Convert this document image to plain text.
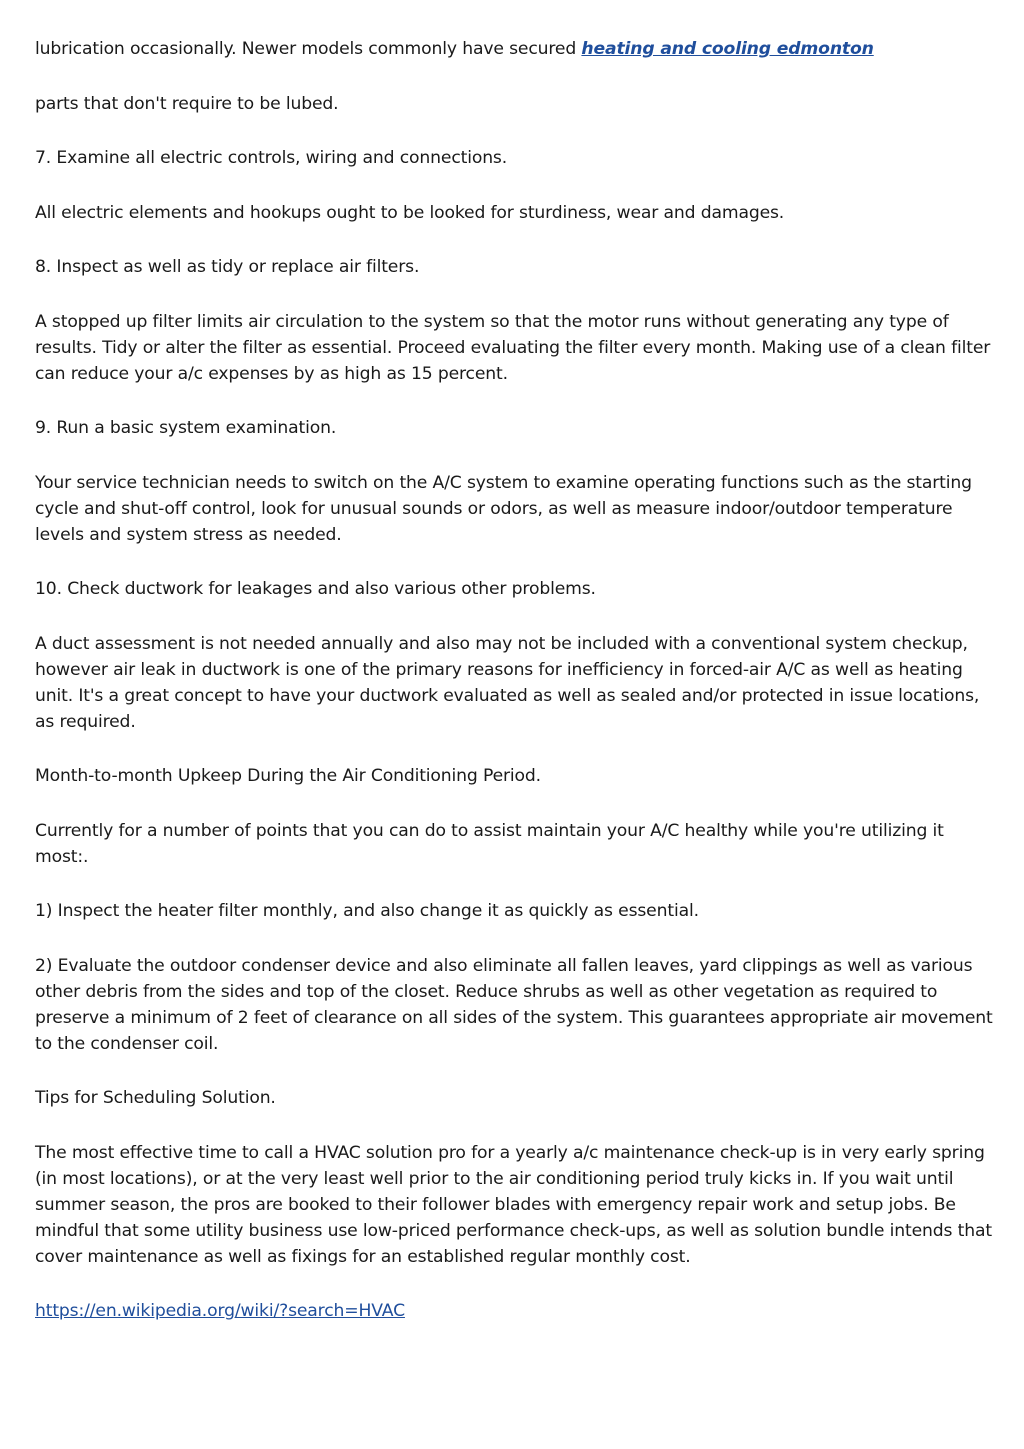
lubrication occasionally. Newer models commonly have secured heating and cooling edmonton

parts that don't require to be lubed.

7. Examine all electric controls, wiring and connections.

All electric elements and hookups ought to be looked for sturdiness, wear and damages.

8. Inspect as well as tidy or replace air filters.

A stopped up filter limits air circulation to the system so that the motor runs without generating any type of results. Tidy or alter the filter as essential. Proceed evaluating the filter every month. Making use of a clean filter can reduce your a/c expenses by as high as 15 percent.

9. Run a basic system examination.

Your service technician needs to switch on the A/C system to examine operating functions such as the starting cycle and shut-off control, look for unusual sounds or odors, as well as measure indoor/outdoor temperature levels and system stress as needed.

10. Check ductwork for leakages and also various other problems.

A duct assessment is not needed annually and also may not be included with a conventional system checkup, however air leak in ductwork is one of the primary reasons for inefficiency in forced-air A/C as well as heating unit. It's a great concept to have your ductwork evaluated as well as sealed and/or protected in issue locations, as required.

Month-to-month Upkeep During the Air Conditioning Period.

Currently for a number of points that you can do to assist maintain your A/C healthy while you're utilizing it most:.

1) Inspect the heater filter monthly, and also change it as quickly as essential.

2) Evaluate the outdoor condenser device and also eliminate all fallen leaves, yard clippings as well as various other debris from the sides and top of the closet. Reduce shrubs as well as other vegetation as required to preserve a minimum of 2 feet of clearance on all sides of the system. This guarantees appropriate air movement to the condenser coil.

Tips for Scheduling Solution.

The most effective time to call a HVAC solution pro for a yearly a/c maintenance check-up is in very early spring (in most locations), or at the very least well prior to the air conditioning period truly kicks in. If you wait until summer season, the pros are booked to their follower blades with emergency repair work and setup jobs. Be mindful that some utility business use low-priced performance check-ups, as well as solution bundle intends that cover maintenance as well as fixings for an established regular monthly cost.

https://en.wikipedia.org/wiki/?search=HVAC
